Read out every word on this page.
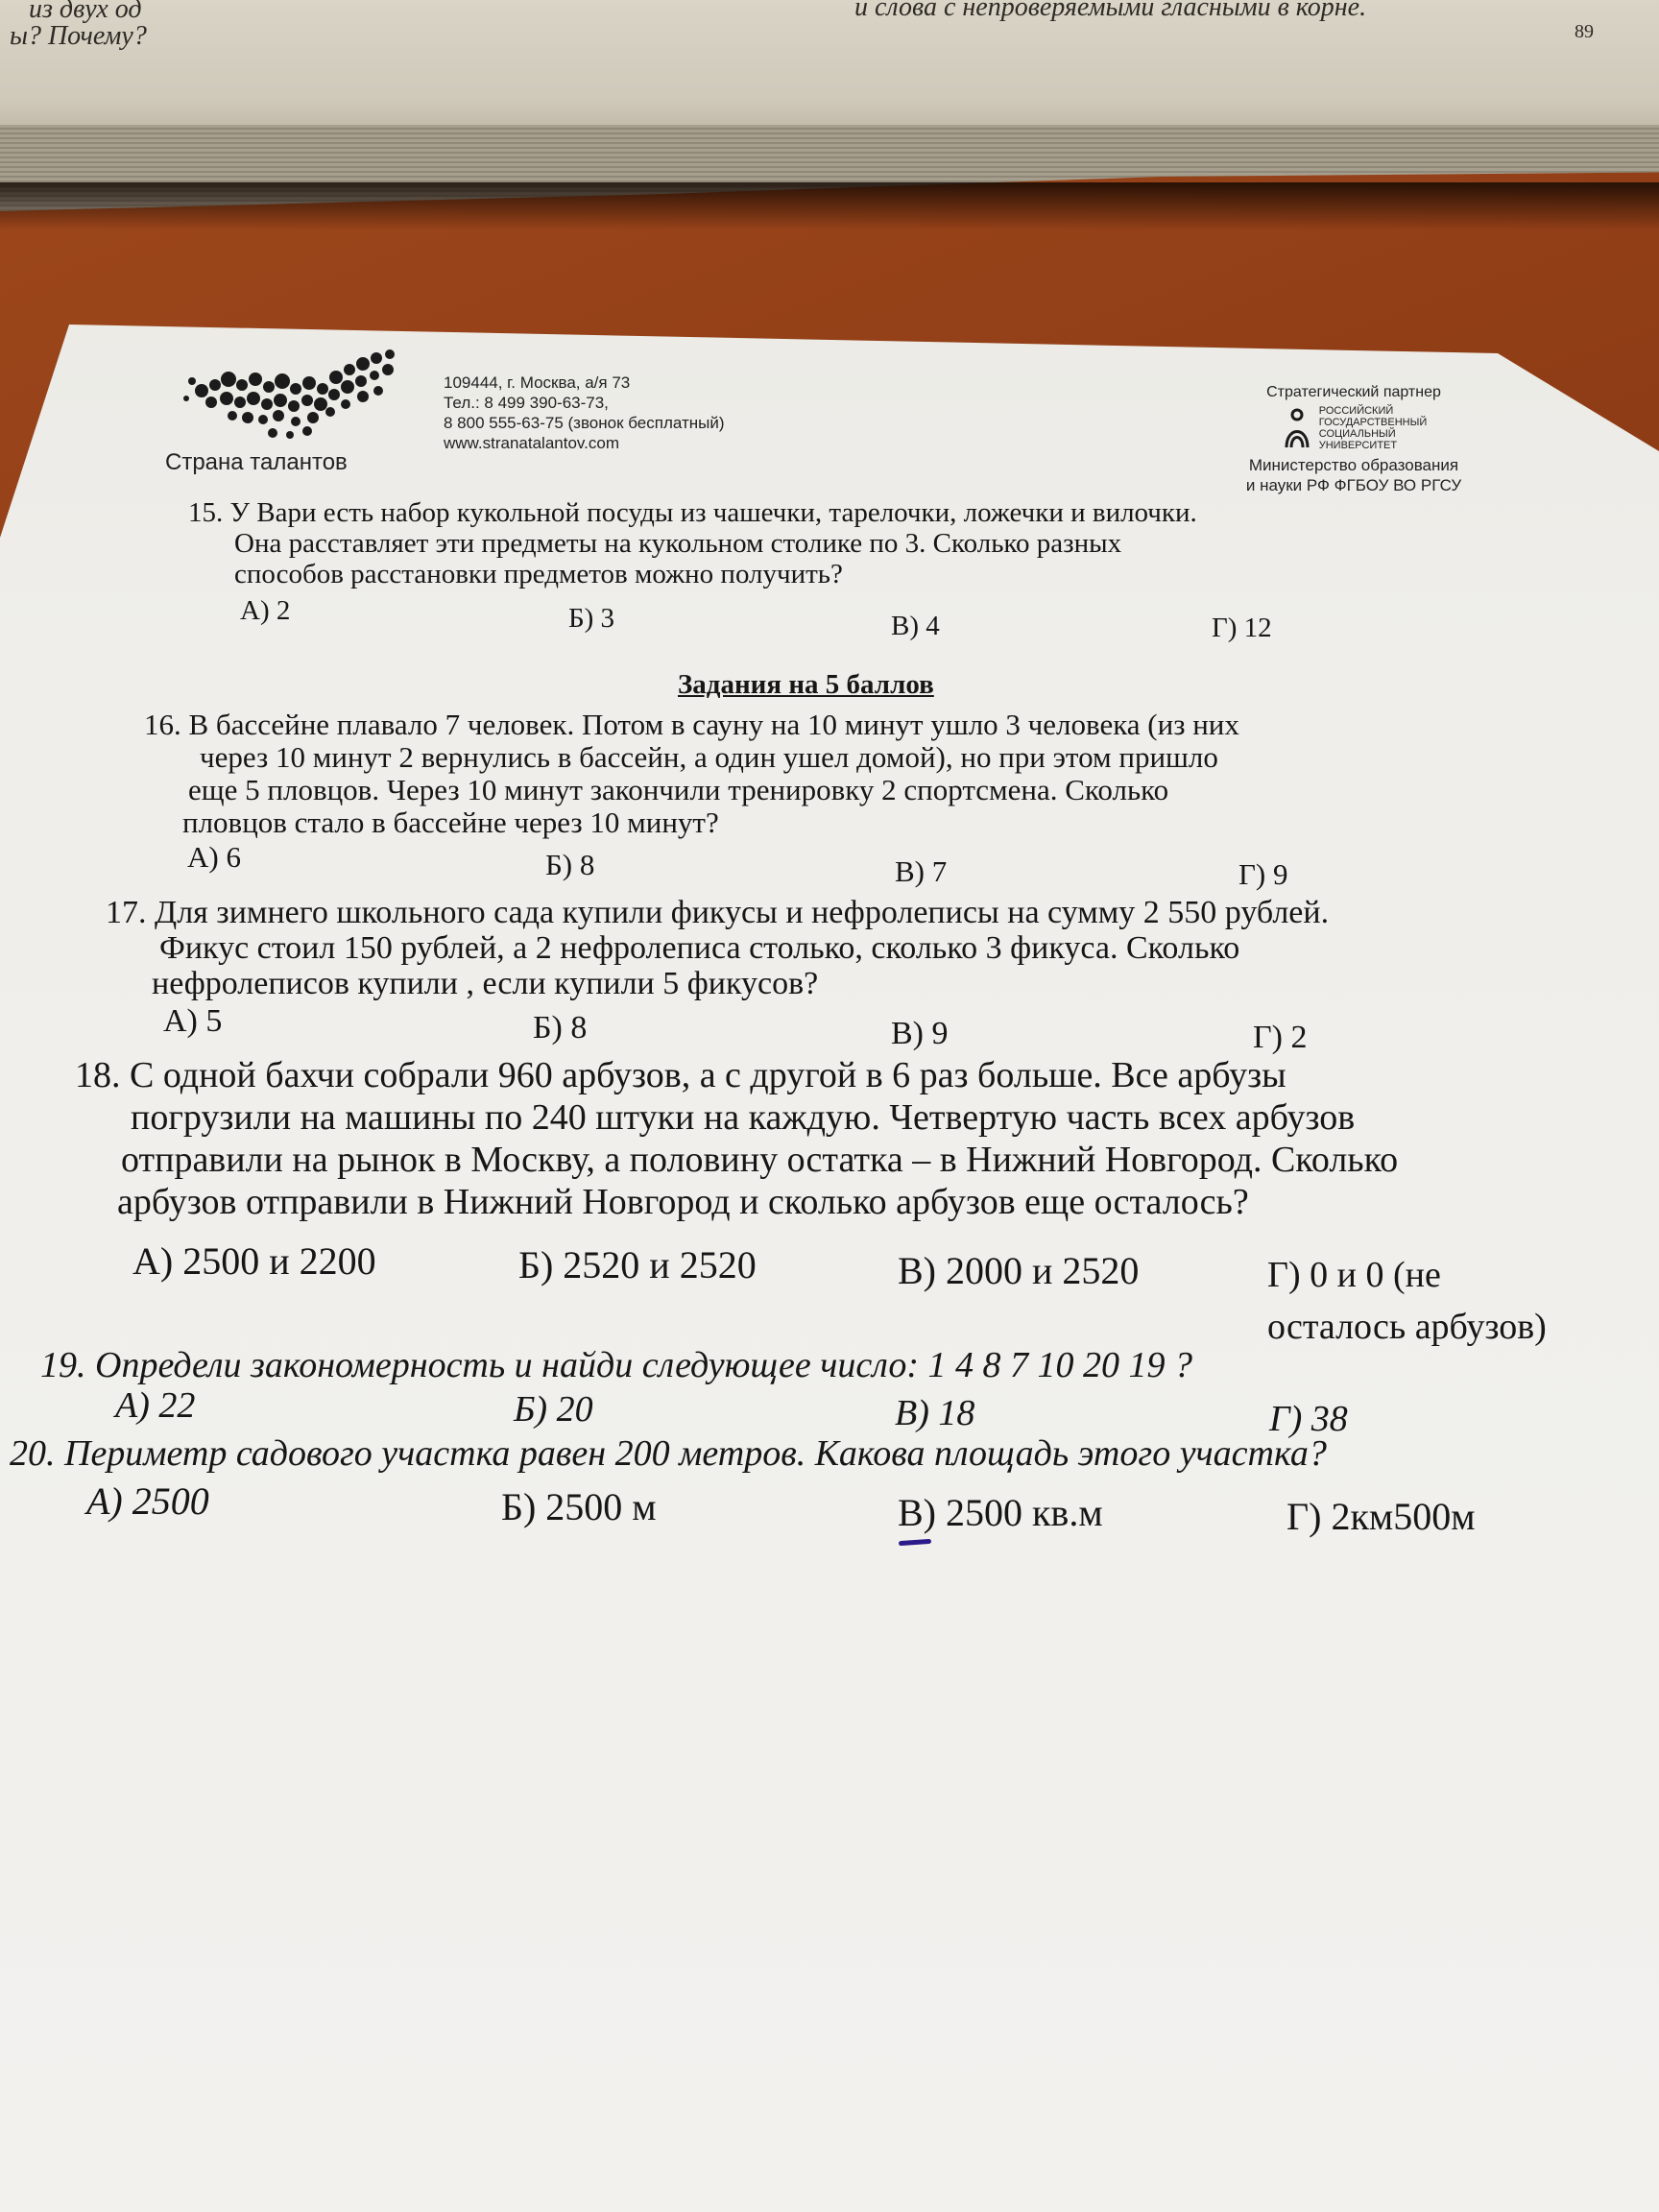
из двух од
ы? Почему?
и слова с непроверяемыми гласными в корне.
89
Страна талантов
109444, г. Москва, а/я 73
Тел.: 8 499 390-63-73,
8 800 555-63-75 (звонок бесплатный)
www.stranatalantov.com
Стратегический партнер
РОССИЙСКИЙ
ГОСУДАРСТВЕННЫЙ
СОЦИАЛЬНЫЙ
УНИВЕРСИТЕТ
Министерство образования
и науки РФ ФГБОУ ВО РГСУ
15. У Вари есть набор кукольной посуды из чашечки, тарелочки, ложечки и вилочки.
Она расставляет эти предметы на кукольном столике по 3. Сколько разных
способов расстановки предметов можно получить?
А) 2	Б) 3	В) 4	Г) 12
Задания на 5 баллов
16. В бассейне плавало 7 человек. Потом в сауну на 10 минут ушло 3 человека (из них
через 10 минут 2 вернулись в бассейн, а один ушел домой), но при этом пришло
еще 5 пловцов. Через 10 минут закончили тренировку 2 спортсмена. Сколько
пловцов стало в бассейне через 10 минут?
А) 6	Б) 8	В) 7	Г) 9
17. Для зимнего школьного сада купили фикусы и нефролеписы на сумму 2 550 рублей.
Фикус стоил 150 рублей, а 2 нефролеписа столько, сколько 3 фикуса. Сколько
нефролеписов купили , если купили 5 фикусов?
А) 5	Б) 8	В) 9	Г) 2
18. С одной бахчи собрали 960 арбузов, а с другой в 6 раз больше. Все арбузы
погрузили на машины по 240 штуки на каждую. Четвертую часть всех арбузов
отправили на рынок в Москву, а половину остатка – в Нижний Новгород. Сколько
арбузов отправили в Нижний Новгород и сколько арбузов еще осталось?
А) 2500 и 2200	Б) 2520 и 2520	В) 2000 и 2520	Г) 0 и 0 (не
осталось арбузов)
19. Определи закономерность и найди следующее число: 1 4 8 7 10 20 19 ?
А) 22	Б) 20	В) 18	Г) 38
20. Периметр садового участка равен 200 метров. Какова площадь этого участка?
А) 2500	Б) 2500 м	В) 2500 кв.м	Г) 2км500м
